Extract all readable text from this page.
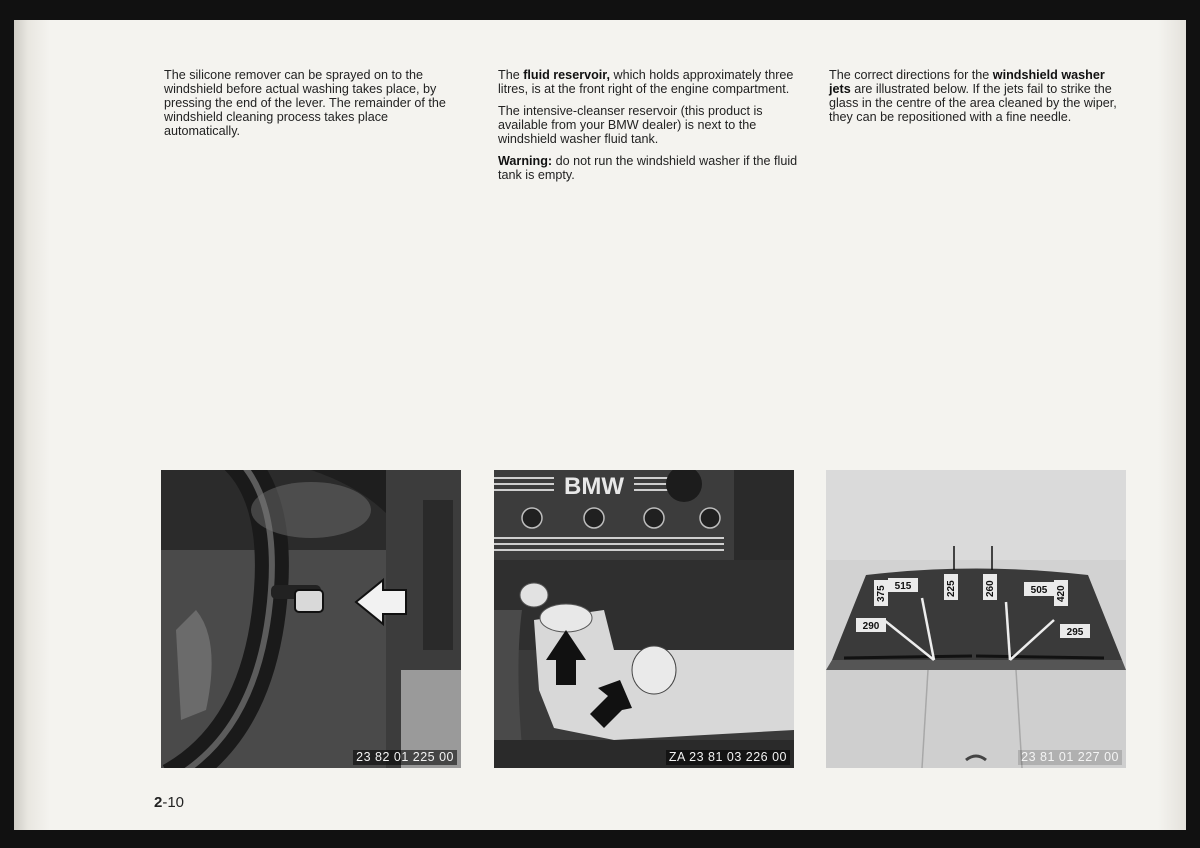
The silicone remover can be sprayed on to the windshield before actual washing takes place, by pressing the end of the lever. The remainder of the windshield cleaning process takes place automatically.

The fluid reservoir, which holds approximately three litres, is at the front right of the engine compartment.

The intensive-cleanser reservoir (this product is available from your BMW dealer) is next to the windshield washer fluid tank.

Warning: do not run the windshield washer if the fluid tank is empty.

The correct directions for the windshield washer jets are illustrated below. If the jets fail to strike the glass in the centre of the area cleaned by the wiper, they can be repositioned with a fine needle.

23 82 01 225 00
BMW
ZA 23 81 03 226 00
515
375	225	260	505 420
290
295
23 81 01 227 00
2-10
